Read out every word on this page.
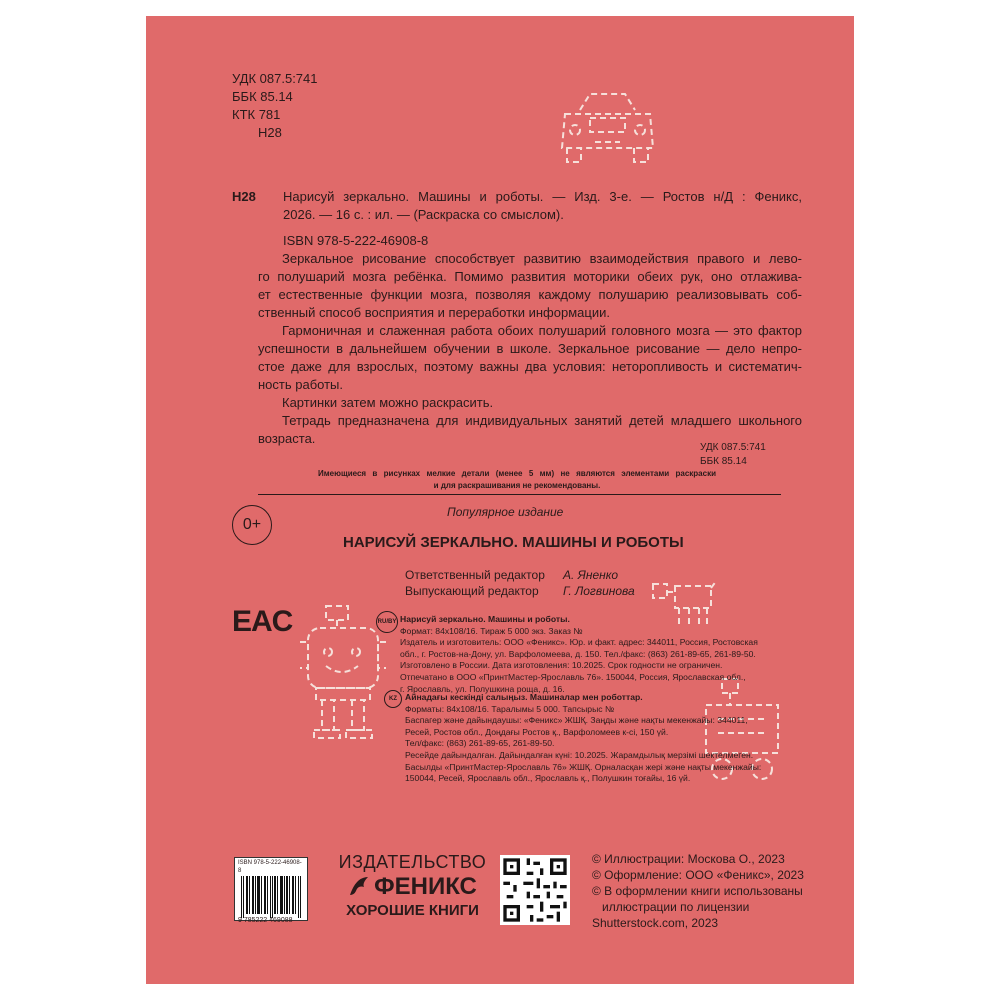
УДК 087.5:741
ББК 85.14
КТК 781
Н28
Н28 Нарисуй зеркально. Машины и роботы. — Изд. 3-е. — Ростов н/Д : Феникс,
2026. — 16 с. : ил. — (Раскраска со смыслом).
ISBN 978-5-222-46908-8
Зеркальное рисование способствует развитию взаимодействия правого и лево-
го полушарий мозга ребёнка. Помимо развития моторики обеих рук, оно отлажива-
ет естественные функции мозга, позволяя каждому полушарию реализовывать соб-
ственный способ восприятия и переработки информации.
Гармоничная и слаженная работа обоих полушарий головного мозга — это фактор
успешности в дальнейшем обучении в школе. Зеркальное рисование — дело непро-
стое даже для взрослых, поэтому важны два условия: неторопливость и систематич-
ность работы.
Картинки затем можно раскрасить.
Тетрадь предназначена для индивидуальных занятий детей младшего школьного
возраста.
УДК 087.5:741
ББК 85.14
Имеющиеся в рисунках мелкие детали (менее 5 мм) не являются элементами раскраски
и для раскрашивания не рекомендованы.
0+
Популярное издание
НАРИСУЙ ЗЕРКАЛЬНО. МАШИНЫ И РОБОТЫ
Ответственный редактор А. Яненко
Выпускающий редактор Г. Логвинова
EAC	RU/BY Нарисуй зеркально. Машины и роботы.
Формат: 84х108/16. Тираж 5 000 экз. Заказ №
Издатель и изготовитель: ООО «Феникс». Юр. и факт. адрес: 344011, Россия, Ростовская
обл., г. Ростов-на-Дону, ул. Варфоломеева, д. 150. Тел./факс: (863) 261-89-65, 261-89-50.
Изготовлено в России. Дата изготовления: 10.2025. Срок годности не ограничен.
Отпечатано в ООО «ПринтМастер-Ярославль 76». 150044, Россия, Ярославская обл.,
г. Ярославль, ул. Полушкина роща, д. 16.
KZ Айнадағы кескінді салыңыз. Машиналар мен роботтар.
Форматы: 84х108/16. Таралымы 5 000. Тапсырыс №
Баспагер және дайындаушы: «Феникс» ЖШҚ. Заңды және нақты мекенжайы: 344011,
Ресей, Ростов обл., Доңдағы Ростов қ., Варфоломеев к-сі, 150 үй.
Тел/факс: (863) 261-89-65, 261-89-50.
Ресейде дайындалған. Дайындалған күні: 10.2025. Жарамдылық мерзімі шектелмеген.
Басылды «ПринтМастер-Ярославль 76» ЖШҚ. Орналасқан жері және нақты мекенжайы:
150044, Ресей, Ярославль обл., Ярославль қ., Полушкин тоғайы, 16 үй.
ISBN 978-5-222-46908-8
9 785222 469088
ИЗДАТЕЛЬСТВО
ФЕНИКС
ХОРОШИЕ КНИГИ
© Иллюстрации: Москова О., 2023
© Оформление: ООО «Феникс», 2023
© В оформлении книги использованы
иллюстрации по лицензии
Shutterstock.com, 2023
